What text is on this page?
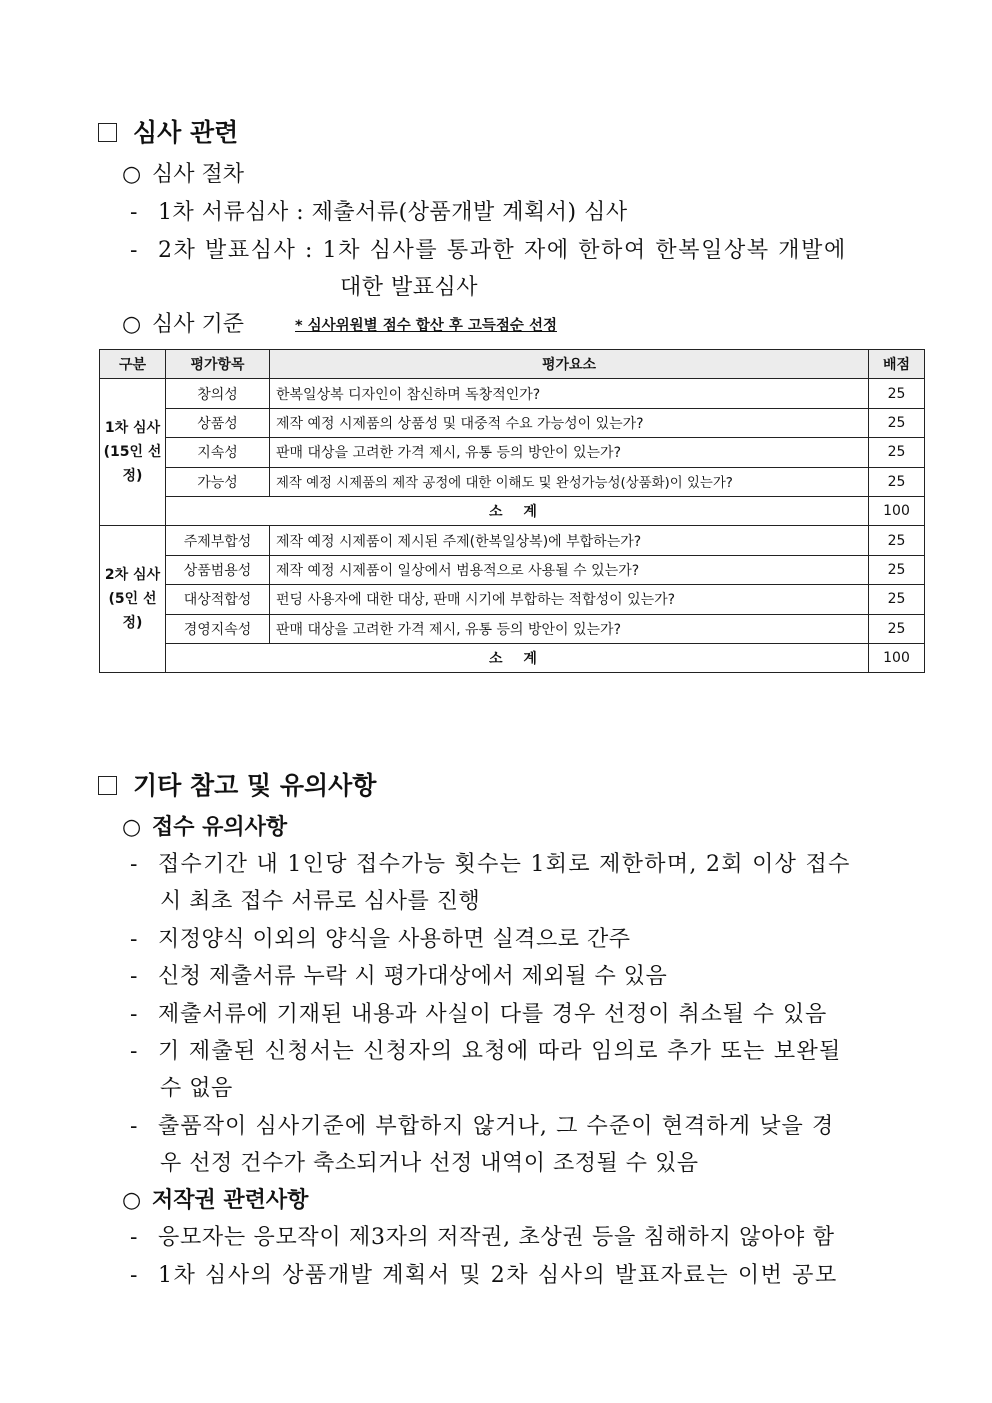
심사 관련
○ 심사 절차
- 1차 서류심사 : 제출서류(상품개발 계획서) 심사
- 2차 발표심사 : 1차 심사를 통과한 자에 한하여 한복일상복 개발에
대한 발표심사
○ 심사 기준	* 심사위원별 점수 합산 후 고득점순 선정
구분	평가항목	평가요소	배점
1차 심사 (15인 선정)	창의성	한복일상복 디자인이 참신하며 독창적인가?	25
	상품성	제작 예정 시제품의 상품성 및 대중적 수요 가능성이 있는가?	25
	지속성	판매 대상을 고려한 가격 제시, 유통 등의 방안이 있는가?	25
	가능성	제작 예정 시제품의 제작 공정에 대한 이해도 및 완성가능성(상품화)이 있는가?	25
	소 계		100
2차 심사 (5인 선정)	주제부합성	제작 예정 시제품이 제시된 주제(한복일상복)에 부합하는가?	25
	상품범용성	제작 예정 시제품이 일상에서 범용적으로 사용될 수 있는가?	25
	대상적합성	펀딩 사용자에 대한 대상, 판매 시기에 부합하는 적합성이 있는가?	25
	경영지속성	판매 대상을 고려한 가격 제시, 유통 등의 방안이 있는가?	25
	소 계		100
기타 참고 및 유의사항
○ 접수 유의사항
- 접수기간 내 1인당 접수가능 횟수는 1회로 제한하며, 2회 이상 접수
시 최초 접수 서류로 심사를 진행
- 지정양식 이외의 양식을 사용하면 실격으로 간주
- 신청 제출서류 누락 시 평가대상에서 제외될 수 있음
- 제출서류에 기재된 내용과 사실이 다를 경우 선정이 취소될 수 있음
- 기 제출된 신청서는 신청자의 요청에 따라 임의로 추가 또는 보완될
수 없음
- 출품작이 심사기준에 부합하지 않거나, 그 수준이 현격하게 낮을 경
우 선정 건수가 축소되거나 선정 내역이 조정될 수 있음
○ 저작권 관련사항
- 응모자는 응모작이 제3자의 저작권, 초상권 등을 침해하지 않아야 함
- 1차 심사의 상품개발 계획서 및 2차 심사의 발표자료는 이번 공모
